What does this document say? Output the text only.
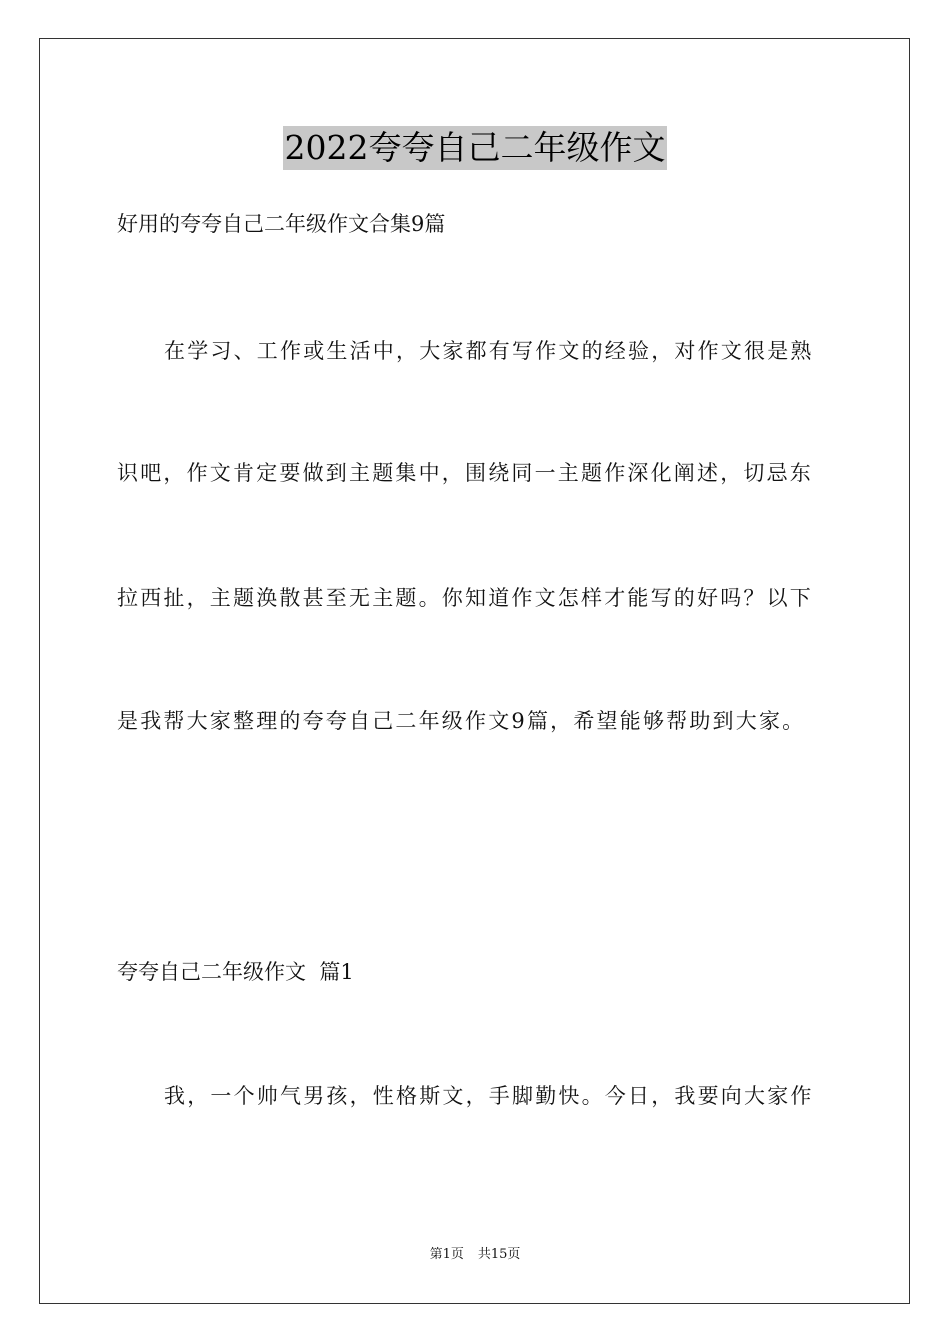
2022夸夸自己二年级作文
好用的夸夸自己二年级作文合集9篇
在学习、工作或生活中，大家都有写作文的经验，对作文很是熟
识吧，作文肯定要做到主题集中，围绕同一主题作深化阐述，切忌东
拉西扯，主题涣散甚至无主题。你知道作文怎样才能写的好吗？以下
是我帮大家整理的夸夸自己二年级作文9篇，希望能够帮助到大家。
夸夸自己二年级作文  篇1
我，一个帅气男孩，性格斯文，手脚勤快。今日，我要向大家作
第1页 共15页
